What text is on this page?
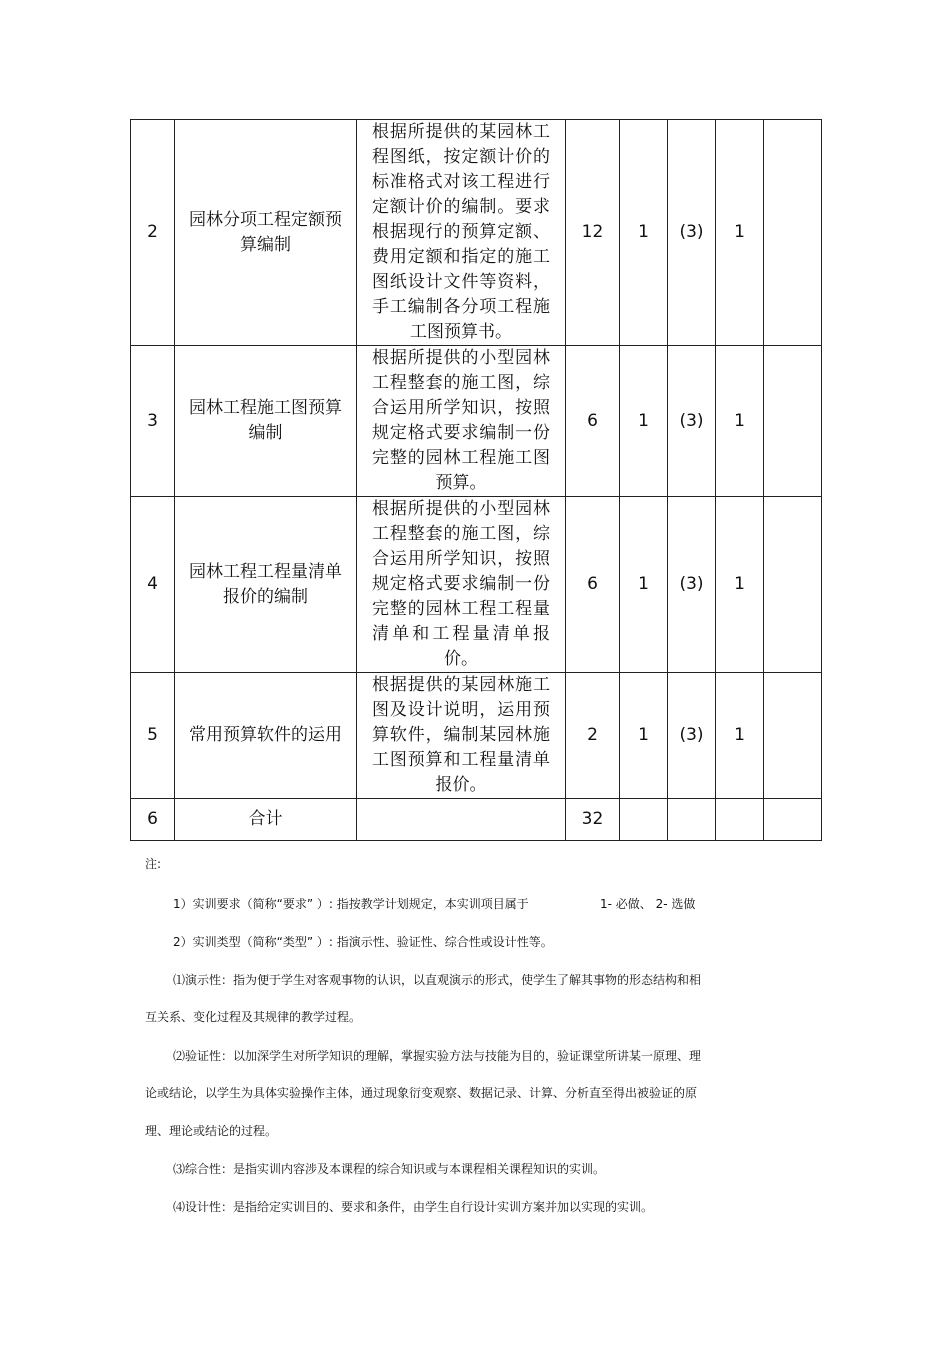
2	园林分项工程定额预算编制	根据所提供的某园林工程图纸，按定额计价的标准格式对该工程进行定额计价的编制。要求根据现行的预算定额、费用定额和指定的施工图纸设计文件等资料，手工编制各分项工程施工图预算书。	12	1	(3)	1	
3	园林工程施工图预算编制	根据所提供的小型园林工程整套的施工图，综合运用所学知识，按照规定格式要求编制一份完整的园林工程施工图预算。	6	1	(3)	1	
4	园林工程工程量清单报价的编制	根据所提供的小型园林工程整套的施工图，综合运用所学知识，按照规定格式要求编制一份完整的园林工程工程量清单和工程量清单报价。	6	1	(3)	1	
5	常用预算软件的运用	根据提供的某园林施工图及设计说明，运用预算软件，编制某园林施工图预算和工程量清单报价。	2	1	(3)	1	
6	合计		32				

注:

1）实训要求（简称“要求” ）: 指按教学计划规定，本实训项目属于	1- 必做、 2- 选做

2）实训类型（简称“类型” ）: 指演示性、验证性、综合性或设计性等。

⑴演示性：指为便于学生对客观事物的认识，以直观演示的形式，使学生了解其事物的形态结构和相

互关系、变化过程及其规律的教学过程。

⑵验证性：以加深学生对所学知识的理解，掌握实验方法与技能为目的，验证课堂所讲某一原理、理

论或结论，以学生为具体实验操作主体，通过现象衍变观察、数据记录、计算、分析直至得出被验证的原

理、理论或结论的过程。

⑶综合性：是指实训内容涉及本课程的综合知识或与本课程相关课程知识的实训。

⑷设计性：是指给定实训目的、要求和条件，由学生自行设计实训方案并加以实现的实训。
